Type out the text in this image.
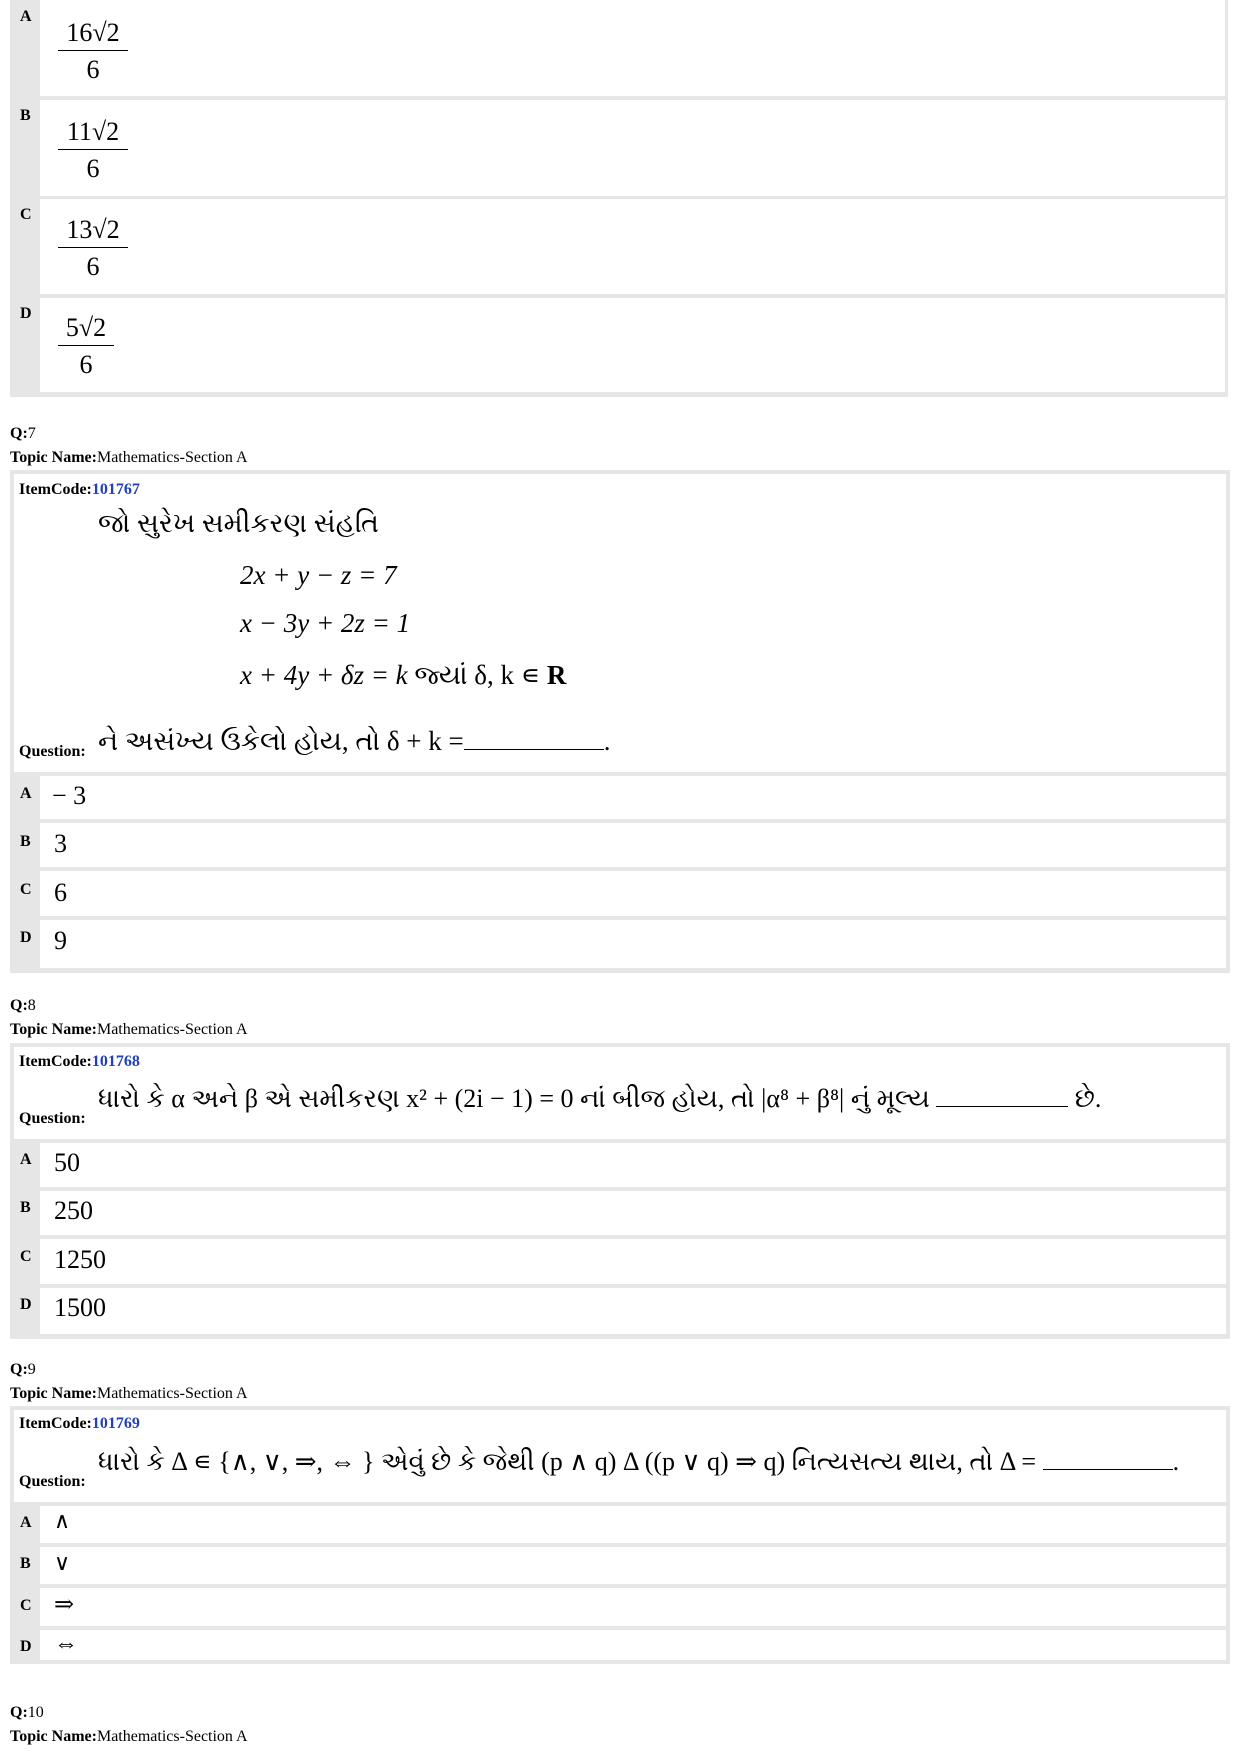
A
$\frac{16√2}{6}$
B
$\frac{11√2}{6}$
C
$\frac{13√2}{6}$
D $\frac{5√2}{6}$
Q:7
Topic Name:Mathematics-Section A
ItemCode:101767
જો સુરેખ સમીકરણ સંહતિ
2x + y − z = 7
x − 3y + 2z = 1
x + 4y + δz = k જ્યાં δ, k ∊ R
Question: ને અસંખ્ય ઉકેલો હોય, તો δ + k =	.
A − 3
B 3
C 6
D 9
Q:8
Topic Name:Mathematics-Section A
ItemCode:101768
Question:
ધારો કે α અને β એ સમીકરણ x² + (2i − 1) = 0 નાં બીજ હોય, તો |α⁸ + β⁸| નું મૂલ્ય	છે.
A 50
B 250
C 1250
D 1500
Q:9
Topic Name:Mathematics-Section A
ItemCode:101769
Question:
ધારો કે Δ ∊ {∧, ∨, ⇒, ⇔ } એવું છે કે જેથી (p ∧ q) Δ ((p ∨ q) ⇒ q) નિત્યસત્ય થાય, તો Δ =	.
A ∧
B ∨
C ⇒
D ⇔
Q:10
Topic Name:Mathematics-Section A
